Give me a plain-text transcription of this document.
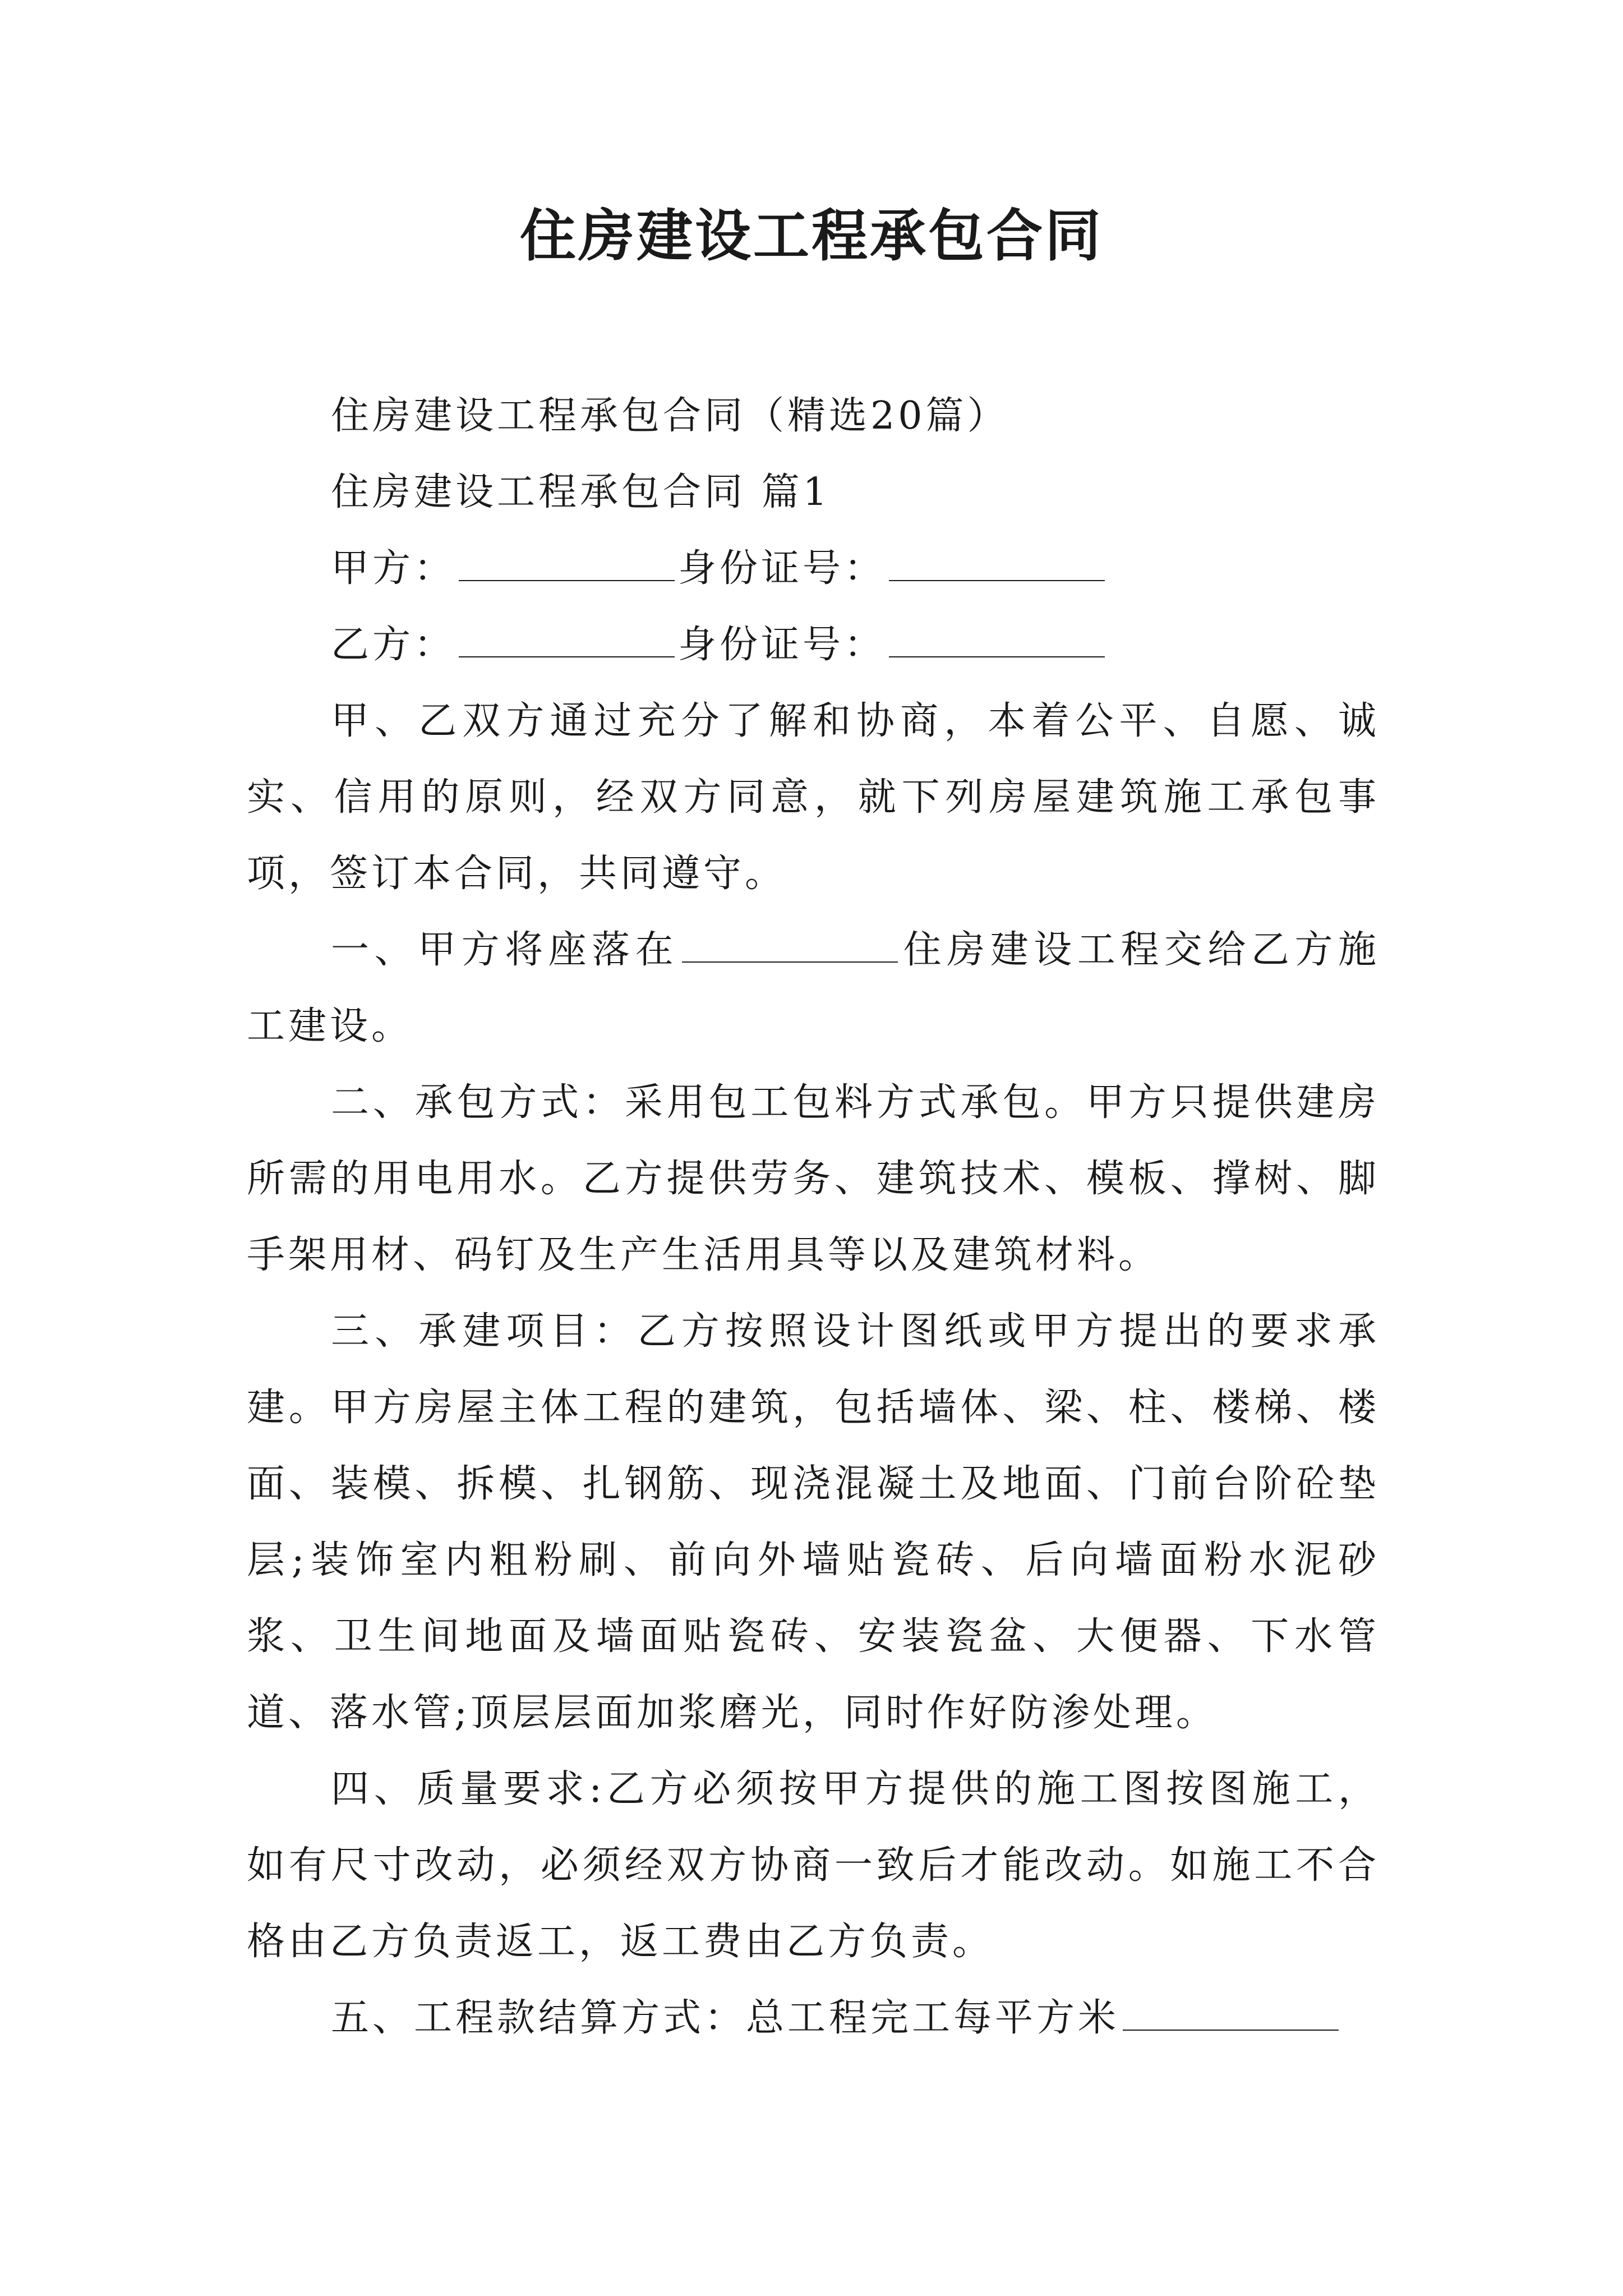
住房建设工程承包合同

住房建设工程承包合同（精选20篇）

住房建设工程承包合同 篇1

甲方：	身份证号：

乙方：	身份证号：

甲、乙双方通过充分了解和协商，本着公平、自愿、诚实、信用的原则，经双方同意，就下列房屋建筑施工承包事项，签订本合同，共同遵守。

一、甲方将座落在	住房建设工程交给乙方施工建设。

二、承包方式：采用包工包料方式承包。甲方只提供建房所需的用电用水。乙方提供劳务、建筑技术、模板、撑树、脚手架用材、码钉及生产生活用具等以及建筑材料。

三、承建项目：乙方按照设计图纸或甲方提出的要求承建。甲方房屋主体工程的建筑，包括墙体、梁、柱、楼梯、楼面、装模、拆模、扎钢筋、现浇混凝土及地面、门前台阶砼垫层;装饰室内粗粉刷、前向外墙贴瓷砖、后向墙面粉水泥砂浆、卫生间地面及墙面贴瓷砖、安装瓷盆、大便器、下水管道、落水管;顶层层面加浆磨光，同时作好防渗处理。

四、质量要求:乙方必须按甲方提供的施工图按图施工，如有尺寸改动，必须经双方协商一致后才能改动。如施工不合格由乙方负责返工，返工费由乙方负责。

五、工程款结算方式：总工程完工每平方米
